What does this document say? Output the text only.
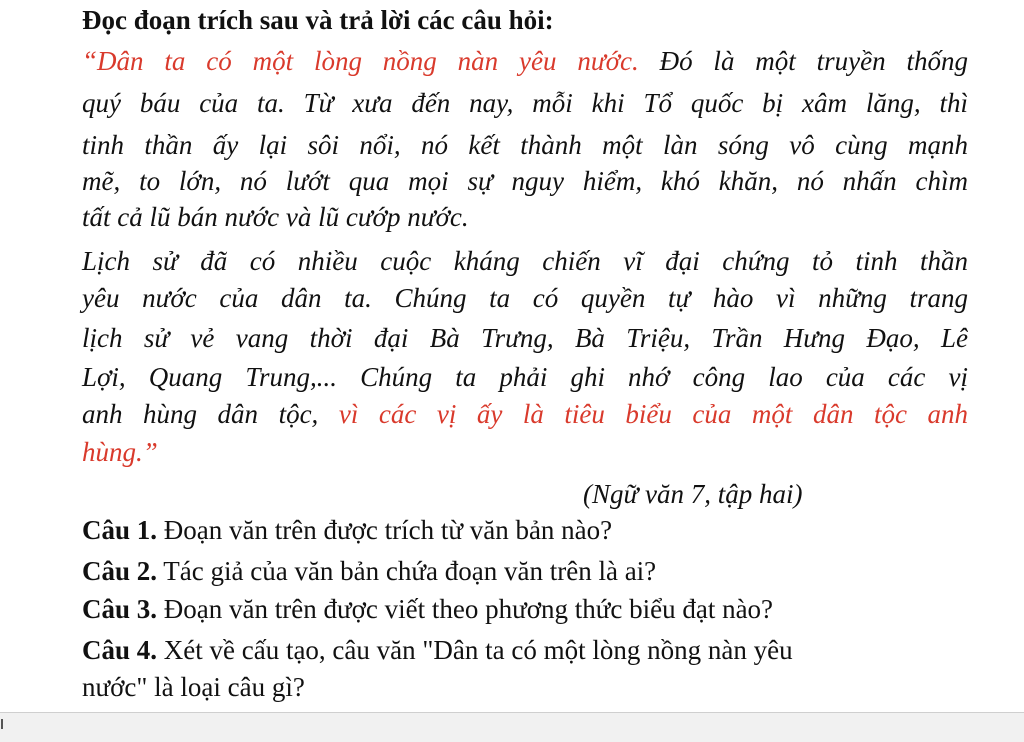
Đọc đoạn trích sau và trả lời các câu hỏi:
“Dân ta có một lòng nồng nàn yêu nước. Đó là một truyền thống
quý báu của ta. Từ xưa đến nay, mỗi khi Tổ quốc bị xâm lăng, thì
tinh thần ấy lại sôi nổi, nó kết thành một làn sóng vô cùng mạnh
mẽ, to lớn, nó lướt qua mọi sự nguy hiểm, khó khăn, nó nhấn chìm
tất cả lũ bán nước và lũ cướp nước.
Lịch sử đã có nhiều cuộc kháng chiến vĩ đại chứng tỏ tinh thần
yêu nước của dân ta. Chúng ta có quyền tự hào vì những trang
lịch sử vẻ vang thời đại Bà Trưng, Bà Triệu, Trần Hưng Đạo, Lê
Lợi, Quang Trung,... Chúng ta phải ghi nhớ công lao của các vị
anh hùng dân tộc, vì các vị ấy là tiêu biểu của một dân tộc anh
hùng.”
(Ngữ văn 7, tập hai)
Câu 1. Đoạn văn trên được trích từ văn bản nào?
Câu 2. Tác giả của văn bản chứa đoạn văn trên là ai?
Câu 3. Đoạn văn trên được viết theo phương thức biểu đạt nào?
Câu 4. Xét về cấu tạo, câu văn "Dân ta có một lòng nồng nàn yêu
nước" là loại câu gì?
